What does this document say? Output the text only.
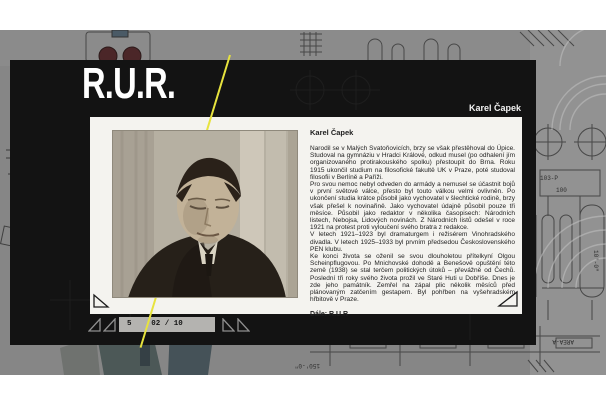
AREA-A
103-P
100
10'-0"
150'-0"
R.U.R.	Karel Čapek
Karel Čapek

Narodil se v Malých Svatoňovicích, brzy se však přestěhoval do Úpice. Studoval na gymnáziu v Hradci Králové, odkud musel (po odhalení jím organizovaného protirakouského spolku) přestoupit do Brna. Roku 1915 ukončil studium na filosofické fakultě UK v Praze, poté studoval filosofii v Berlíně a Paříži.

Pro svou nemoc nebyl odveden do armády a nemusel se účastnit bojů v první světové válce, přesto byl touto válkou velmi ovlivněn. Po ukončení studia krátce působil jako vychovatel v šlechtické rodině, brzy však přešel k novinařině. Jako vychovatel údajně působil pouze tři měsíce. Působil jako redaktor v několika časopisech: Národních listech, Nebojsa, Lidových novinách. Z Národních listů odešel v roce 1921 na protest proti vyloučení svého bratra z redakce.

V letech 1921–1923 byl dramaturgem i režisérem Vinohradského divadla. V letech 1925–1933 byl prvním předsedou Československého PEN klubu.

Ke konci života se oženil se svou dlouholetou přítelkyní Olgou Scheinpflugovou. Po Mnichovské dohodě a Benešově opuštění této země (1938) se stal terčem politických útoků – převážně od Čechů. Poslední tři roky svého života prožil ve Staré Huti u Dobříše. Dnes je zde jeho památník. Zemřel na zápal plic několik měsíců před plánovaným zatčením gestapem. Byl pohřben na vyšehradském hřbitově v Praze.

Dále: R.U.R
5	02 / 10
